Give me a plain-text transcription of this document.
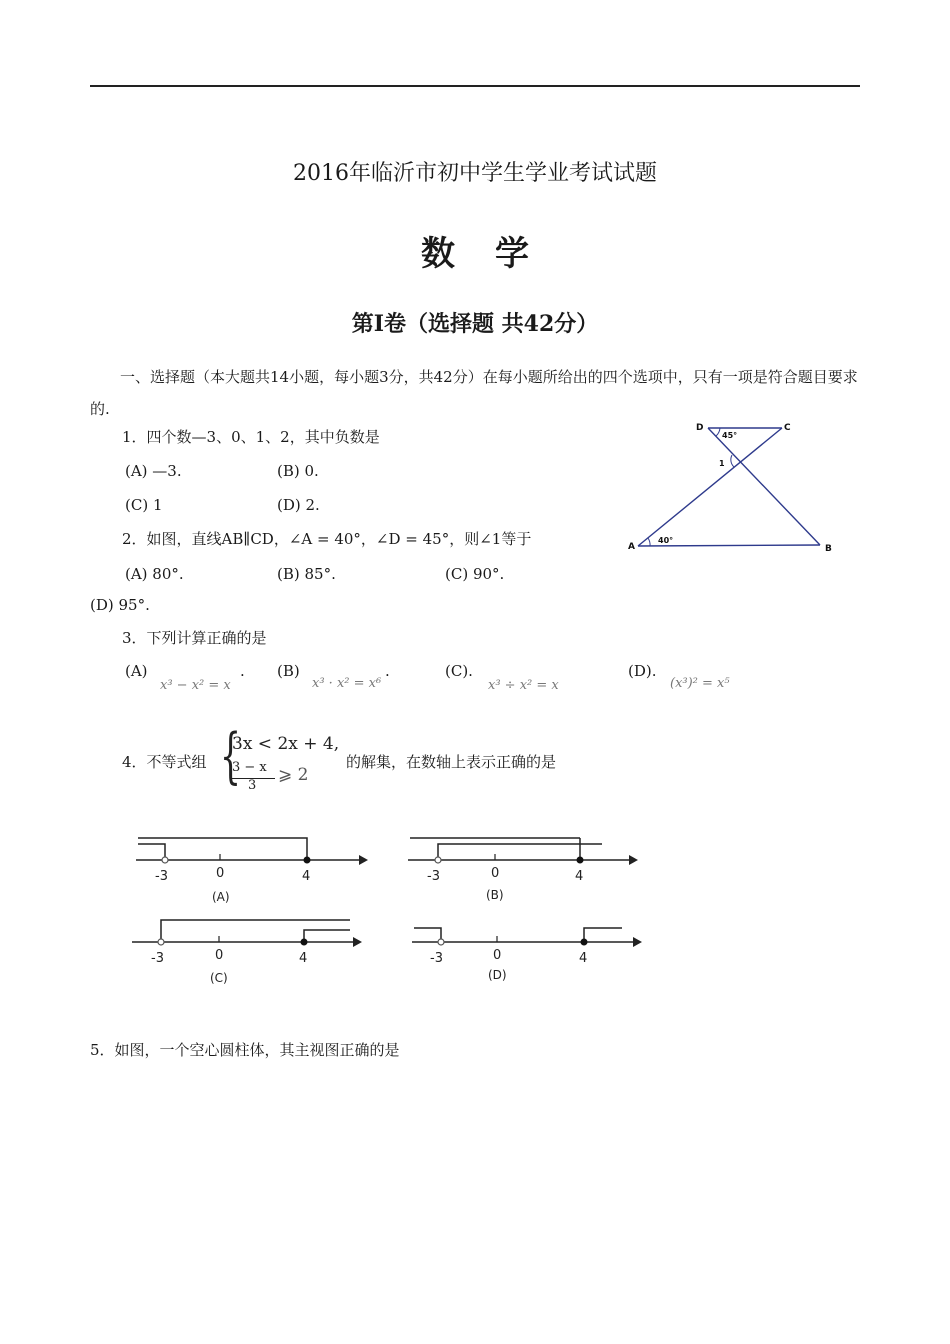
2016年临沂市初中学生学业考试试题
数学
第Ⅰ卷（选择题 共42分）
一、选择题（本大题共14小题，每小题3分，共42分）在每小题所给出的四个选项中，只有一项是符合题目要求的.
1．四个数—3、0、1、2，其中负数是
(A) —3.	(B) 0.
(C) 1	(D) 2.
2．如图，直线AB∥CD，∠A = 40°，∠D = 45°，则∠1等于
(A) 80°.	(B) 85°.	(C) 90°.
(D) 95°.
D	C
A	B
45°
40°
1
3．下列计算正确的是
(A)	.
x³ − x² = x
(B)	.
x³ · x² = x⁶
(C).
x³ ÷ x² = x
(D).
(x³)² = x⁵
4．不等式组 {
3x < 2x + 4,
3 − x
3
⩾ 2
的解集，在数轴上表示正确的是
-3	0	4
(A)
-3	0	4
(B)
-3	0	4
(C)
-3	0	4
(D)
5．如图，一个空心圆柱体，其主视图正确的是
